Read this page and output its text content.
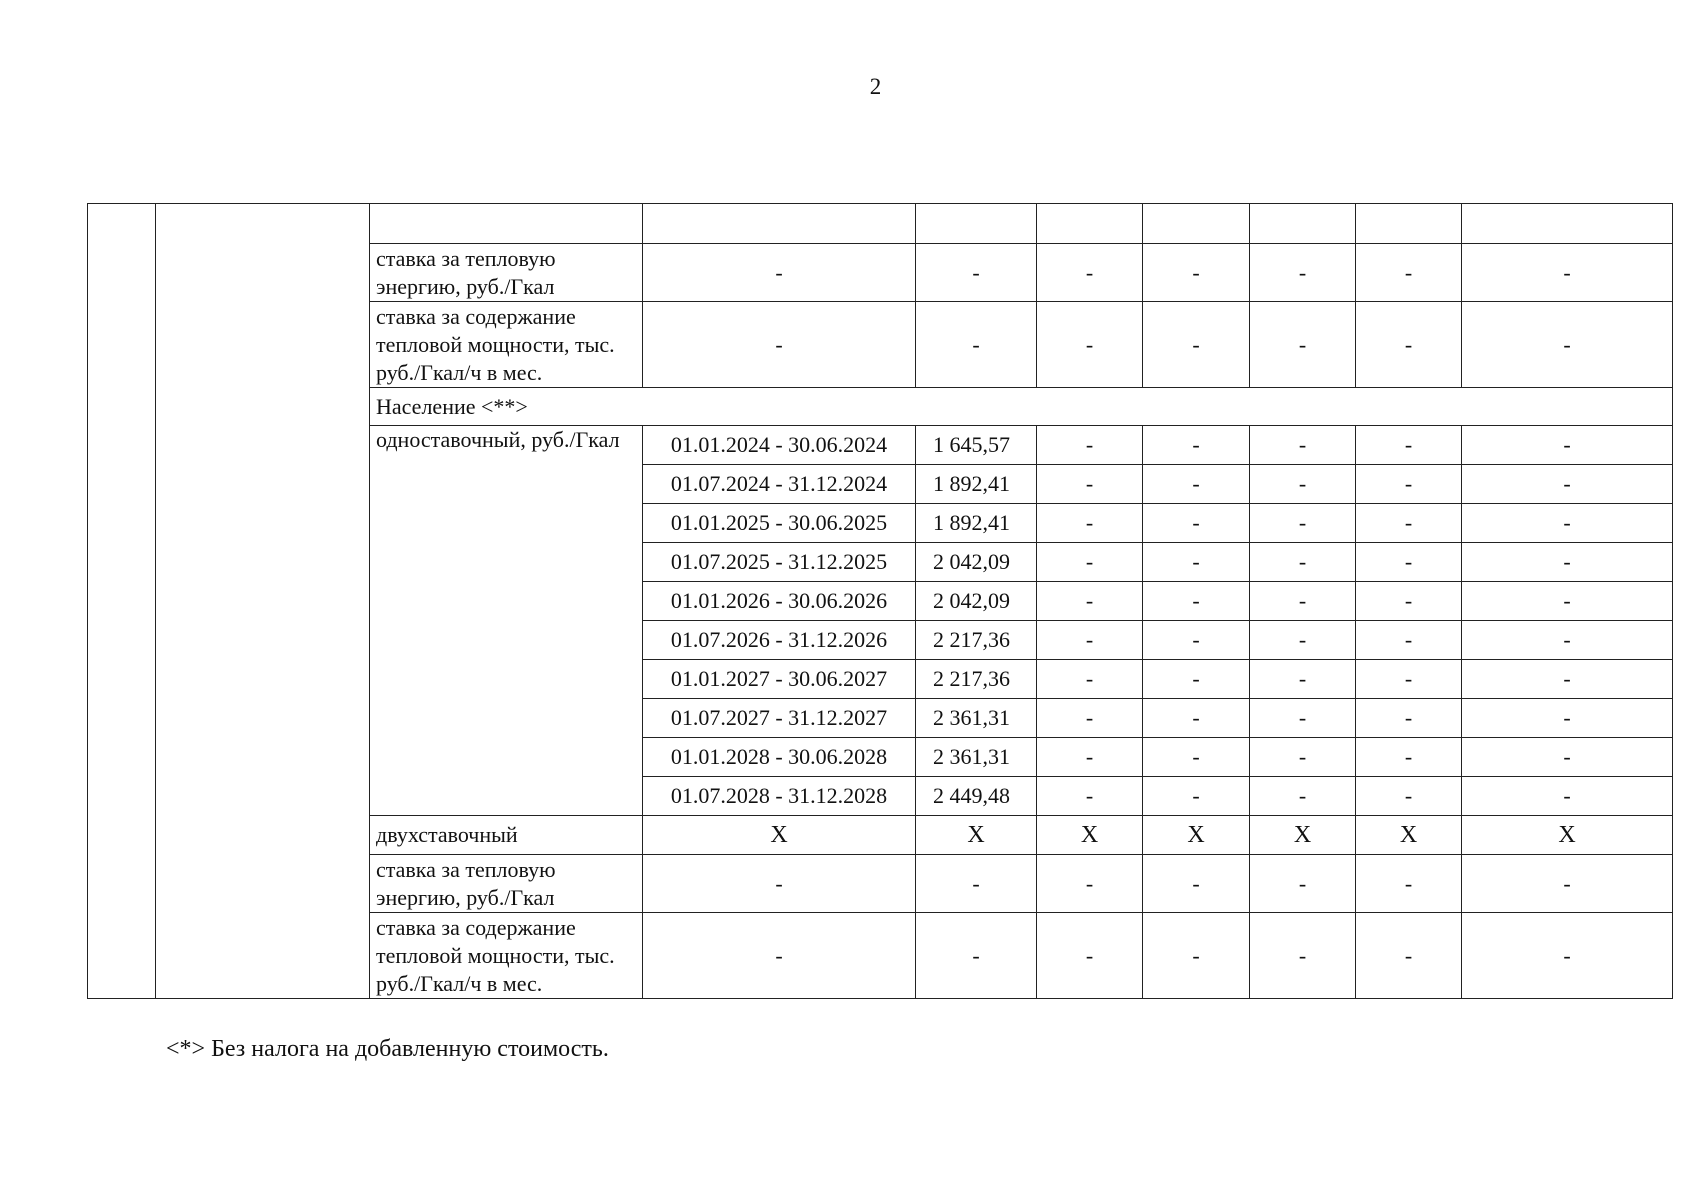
2

		ставка за тепловую энергию, руб./Гкал	-	-	-	-	-	-	-
		ставка за содержание тепловой мощности, тыс. руб./Гкал/ч в мес.	-	-	-	-	-	-	-
		Население <**>							
		одноставочный, руб./Гкал	01.01.2024 - 30.06.2024	1 645,57	-	-	-	-	-
			01.07.2024 - 31.12.2024	1 892,41	-	-	-	-	-
			01.01.2025 - 30.06.2025	1 892,41	-	-	-	-	-
			01.07.2025 - 31.12.2025	2 042,09	-	-	-	-	-
			01.01.2026 - 30.06.2026	2 042,09	-	-	-	-	-
			01.07.2026 - 31.12.2026	2 217,36	-	-	-	-	-
			01.01.2027 - 30.06.2027	2 217,36	-	-	-	-	-
			01.07.2027 - 31.12.2027	2 361,31	-	-	-	-	-
			01.01.2028 - 30.06.2028	2 361,31	-	-	-	-	-
			01.07.2028 - 31.12.2028	2 449,48	-	-	-	-	-
		двухставочный	X	X	X	X	X	X	X
		ставка за тепловую энергию, руб./Гкал	-	-	-	-	-	-	-
		ставка за содержание тепловой мощности, тыс. руб./Гкал/ч в мес.	-	-	-	-	-	-	-
<*> Без налога на добавленную стоимость.
